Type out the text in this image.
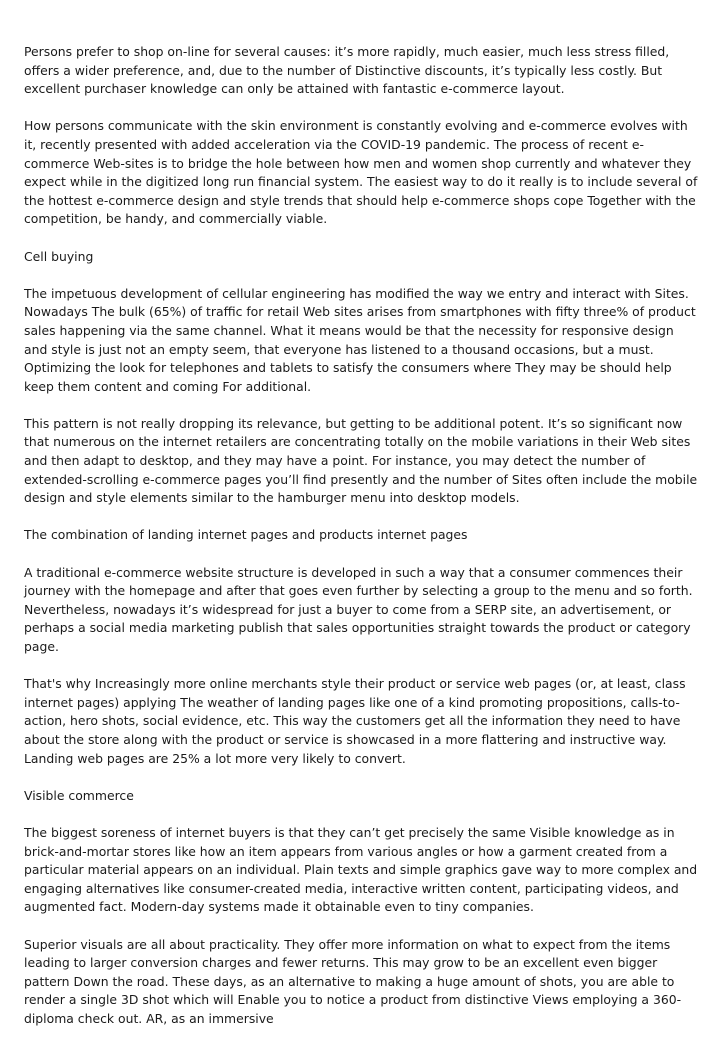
Persons prefer to shop on-line for several causes: it’s more rapidly, much easier, much less stress filled, offers a wider preference, and, due to the number of Distinctive discounts, it’s typically less costly. But excellent purchaser knowledge can only be attained with fantastic e-commerce layout.

How persons communicate with the skin environment is constantly evolving and e-commerce evolves with it, recently presented with added acceleration via the COVID-19 pandemic. The process of recent e-commerce Web-sites is to bridge the hole between how men and women shop currently and whatever they expect while in the digitized long run financial system. The easiest way to do it really is to include several of the hottest e-commerce design and style trends that should help e-commerce shops cope Together with the competition, be handy, and commercially viable.

Cell buying

The impetuous development of cellular engineering has modified the way we entry and interact with Sites. Nowadays The bulk (65%) of traffic for retail Web sites arises from smartphones with fifty three% of product sales happening via the same channel. What it means would be that the necessity for responsive design and style is just not an empty seem, that everyone has listened to a thousand occasions, but a must. Optimizing the look for telephones and tablets to satisfy the consumers where They may be should help keep them content and coming For additional.

This pattern is not really dropping its relevance, but getting to be additional potent. It’s so significant now that numerous on the internet retailers are concentrating totally on the mobile variations in their Web sites and then adapt to desktop, and they may have a point. For instance, you may detect the number of extended-scrolling e-commerce pages you’ll find presently and the number of Sites often include the mobile design and style elements similar to the hamburger menu into desktop models.

The combination of landing internet pages and products internet pages

A traditional e-commerce website structure is developed in such a way that a consumer commences their journey with the homepage and after that goes even further by selecting a group to the menu and so forth. Nevertheless, nowadays it’s widespread for just a buyer to come from a SERP site, an advertisement, or perhaps a social media marketing publish that sales opportunities straight towards the product or category page.

That's why Increasingly more online merchants style their product or service web pages (or, at least, class internet pages) applying The weather of landing pages like one of a kind promoting propositions, calls-to-action, hero shots, social evidence, etc. This way the customers get all the information they need to have about the store along with the product or service is showcased in a more flattering and instructive way. Landing web pages are 25% a lot more very likely to convert.

Visible commerce

The biggest soreness of internet buyers is that they can’t get precisely the same Visible knowledge as in brick-and-mortar stores like how an item appears from various angles or how a garment created from a particular material appears on an individual. Plain texts and simple graphics gave way to more complex and engaging alternatives like consumer-created media, interactive written content, participating videos, and augmented fact. Modern-day systems made it obtainable even to tiny companies.

Superior visuals are all about practicality. They offer more information on what to expect from the items leading to larger conversion charges and fewer returns. This may grow to be an excellent even bigger pattern Down the road. These days, as an alternative to making a huge amount of shots, you are able to render a single 3D shot which will Enable you to notice a product from distinctive Views employing a 360-diploma check out. AR, as an immersive
